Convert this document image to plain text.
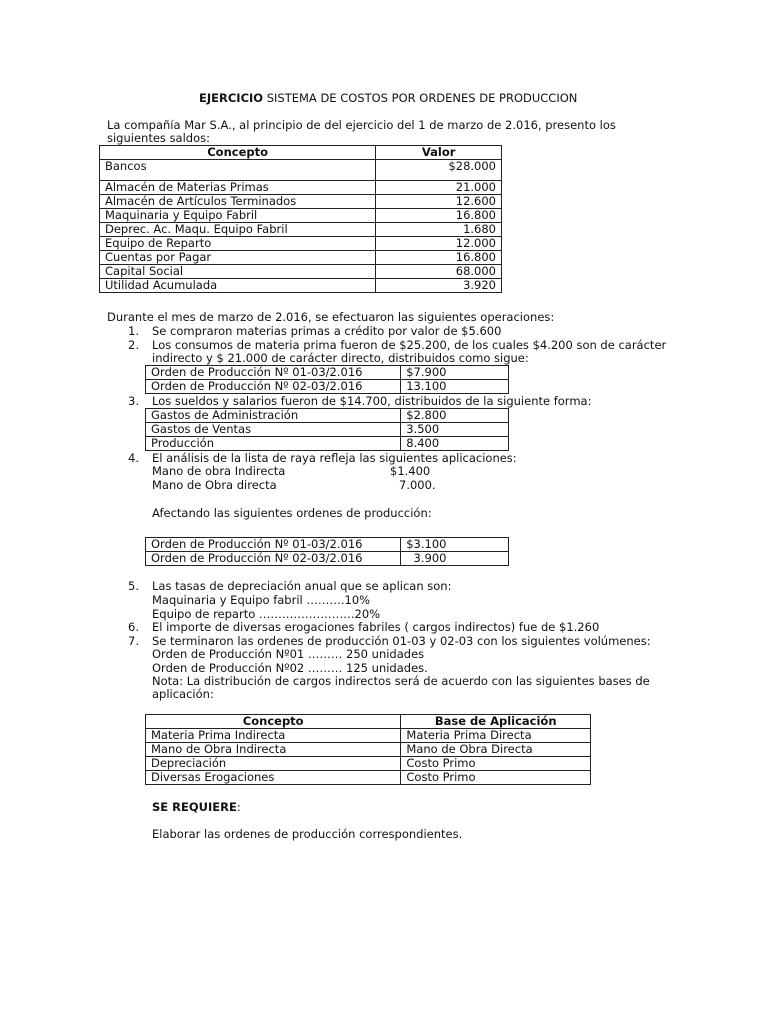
EJERCICIO SISTEMA DE COSTOS POR ORDENES DE PRODUCCION
La compañía Mar S.A., al principio de del ejercicio del 1 de marzo de 2.016, presento los
siguientes saldos:
Concepto	Valor
Bancos	$28.000
Almacén de Materias Primas	21.000
Almacén de Artículos Terminados	12.600
Maquinaria y Equipo Fabril	16.800
Deprec. Ac. Maqu. Equipo Fabril	1.680
Equipo de Reparto	12.000
Cuentas por Pagar	16.800
Capital Social	68.000
Utilidad Acumulada	3.920
Durante el mes de marzo de 2.016, se efectuaron las siguientes operaciones:
1. Se compraron materias primas a crédito por valor de $5.600
2. Los consumos de materia prima fueron de $25.200, de los cuales $4.200 son de carácter
indirecto y $ 21.000 de carácter directo, distribuidos como sigue:
Orden de Producción Nº 01-03/2.016	$7.900
Orden de Producción Nº 02-03/2.016	13.100
3. Los sueldos y salarios fueron de $14.700, distribuidos de la siguiente forma:
Gastos de Administración	$2.800
Gastos de Ventas	3.500
Producción	8.400
4. El análisis de la lista de raya refleja las siguientes aplicaciones:
Mano de obra Indirecta	$1.400
Mano de Obra directa	7.000.
Afectando las siguientes ordenes de producción:
Orden de Producción Nº 01-03/2.016	$3.100
Orden de Producción Nº 02-03/2.016	3.900
5. Las tasas de depreciación anual que se aplican son:
Maquinaria y Equipo fabril ……….10%
Equipo de reparto …………………….20%
6. El importe de diversas erogaciones fabriles ( cargos indirectos) fue de $1.260
7. Se terminaron las ordenes de producción 01-03 y 02-03 con los siguientes volúmenes:
Orden de Producción Nº01 ……… 250 unidades
Orden de Producción Nº02 ……… 125 unidades.
Nota: La distribución de cargos indirectos será de acuerdo con las siguientes bases de
aplicación:
Concepto	Base de Aplicación
Materia Prima Indirecta	Materia Prima Directa
Mano de Obra Indirecta	Mano de Obra Directa
Depreciación	Costo Primo
Diversas Erogaciones	Costo Primo
SE REQUIERE:
Elaborar las ordenes de producción correspondientes.
